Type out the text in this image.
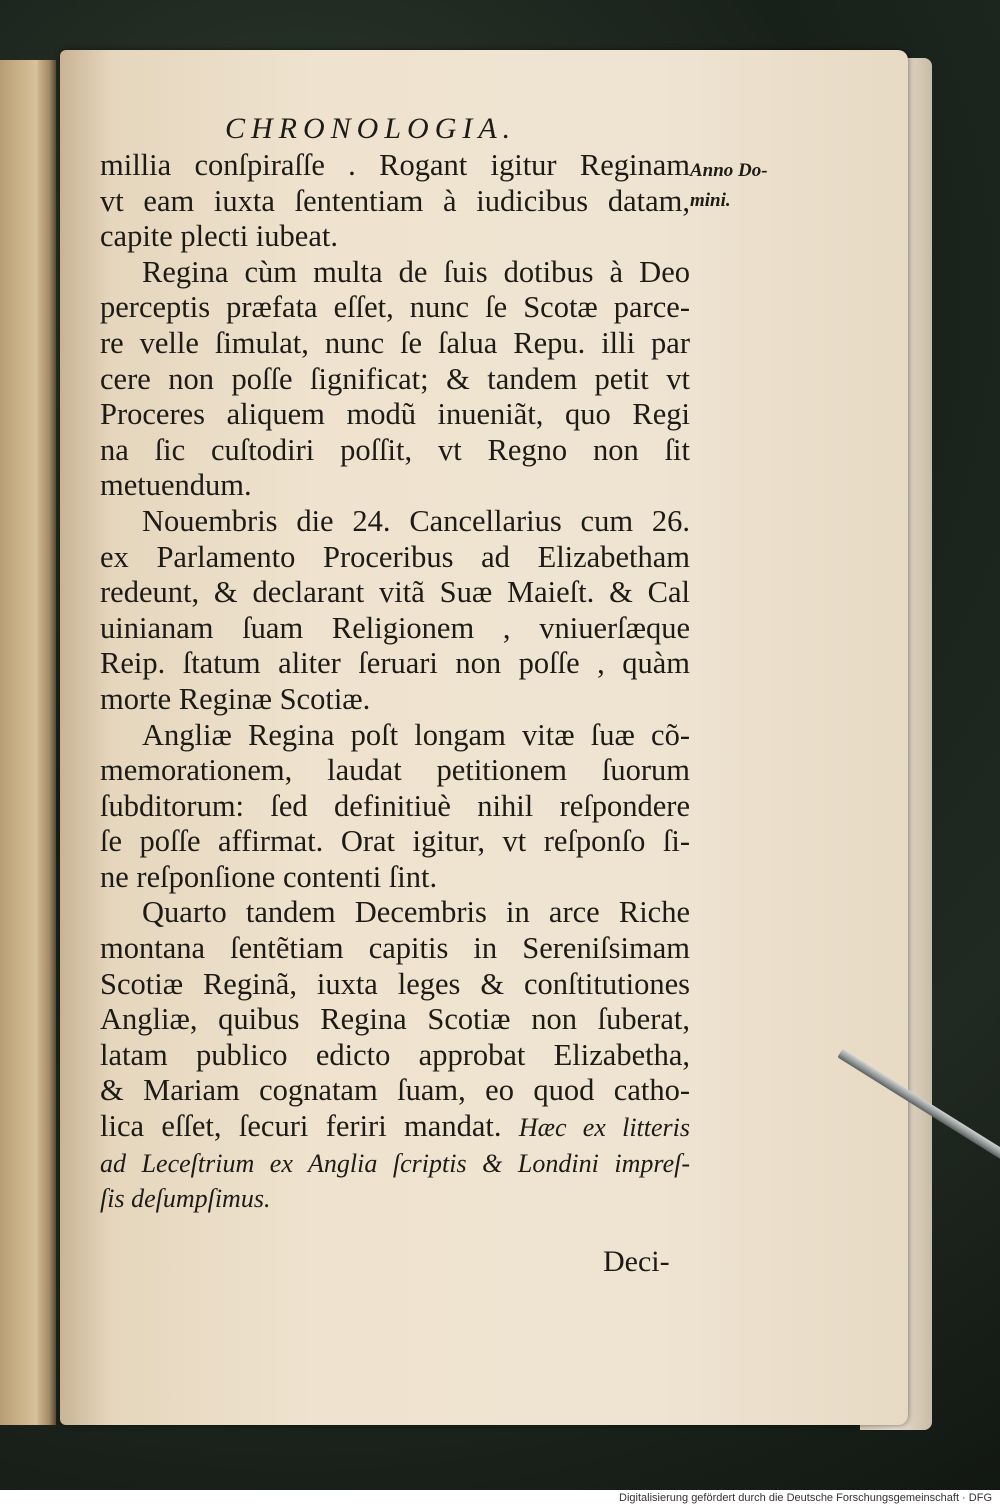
CHRONOLOGIA.
Anno Do-
mini.
millia conſpiraſſe . Rogant igitur Reginam
vt eam iuxta ſententiam à iudicibus datam,
capite plecti iubeat.
Regina cùm multa de ſuis dotibus à Deo
perceptis præfata eſſet, nunc ſe Scotæ parce-
re velle ſimulat, nunc ſe ſalua Repu. illi par
cere non poſſe ſignificat; & tandem petit vt
Proceres aliquem modũ inueniãt, quo Regi
na ſic cuſtodiri poſſit, vt Regno non ſit
metuendum.
Nouembris die 24. Cancellarius cum 26.
ex Parlamento Proceribus ad Elizabetham
redeunt, & declarant vitã Suæ Maieſt. & Cal
uinianam ſuam Religionem , vniuerſæque
Reip. ſtatum aliter ſeruari non poſſe , quàm
morte Reginæ Scotiæ.
Angliæ Regina poſt longam vitæ ſuæ cõ-
memorationem, laudat petitionem ſuorum
ſubditorum: ſed definitiuè nihil reſpondere
ſe poſſe affirmat. Orat igitur, vt reſponſo ſi-
ne reſponſione contenti ſint.
Quarto tandem Decembris in arce Riche
montana ſentẽtiam capitis in Sereniſsimam
Scotiæ Reginã, iuxta leges & conſtitutiones
Angliæ, quibus Regina Scotiæ non ſuberat,
latam publico edicto approbat Elizabetha,
& Mariam cognatam ſuam, eo quod catho-
lica eſſet, ſecuri feriri mandat. Hæc ex litteris
ad Leceſtrium ex Anglia ſcriptis & Londini impreſ-
ſis deſumpſimus.
Deci-
Digitalisierung gefördert durch die Deutsche Forschungsgemeinschaft · DFG
